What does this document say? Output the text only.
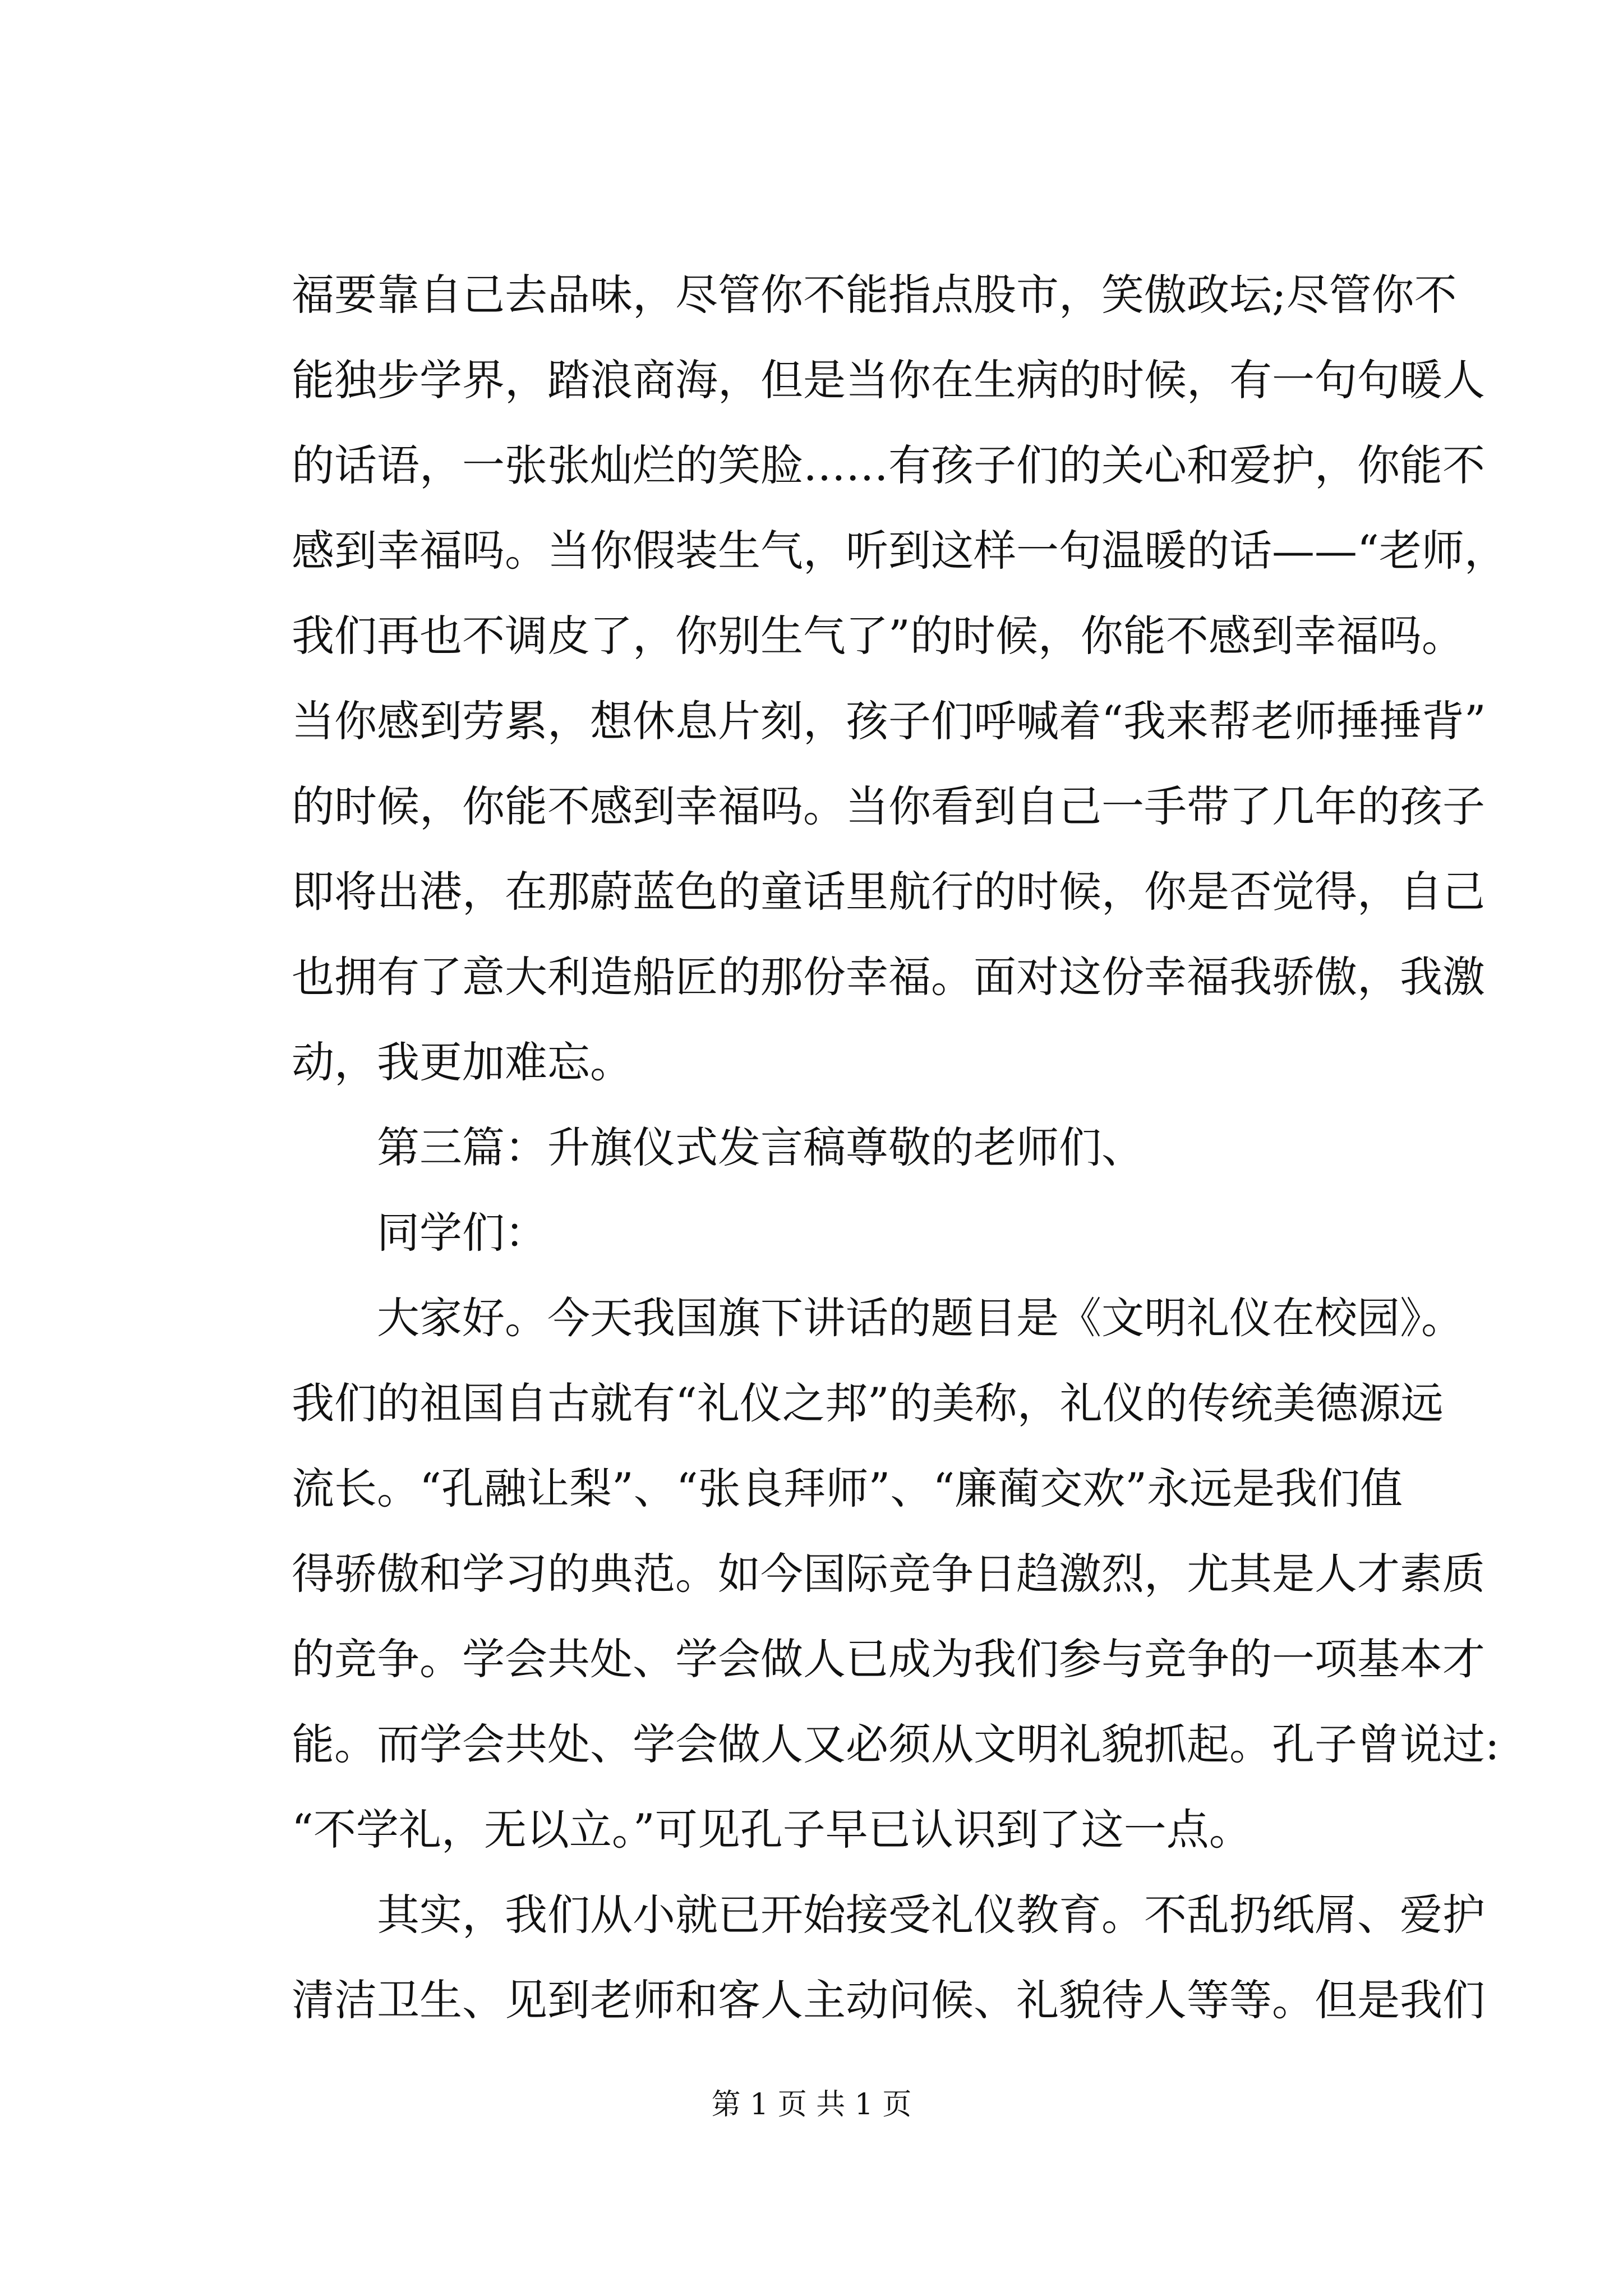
福要靠自己去品味，尽管你不能指点股市，笑傲政坛;尽管你不
能独步学界，踏浪商海，但是当你在生病的时候，有一句句暖人
的话语，一张张灿烂的笑脸……有孩子们的关心和爱护，你能不
感到幸福吗。当你假装生气，听到这样一句温暖的话——“老师，
我们再也不调皮了，你别生气了”的时候，你能不感到幸福吗。
当你感到劳累，想休息片刻，孩子们呼喊着“我来帮老师捶捶背”
的时候，你能不感到幸福吗。当你看到自己一手带了几年的孩子
即将出港，在那蔚蓝色的童话里航行的时候，你是否觉得，自己
也拥有了意大利造船匠的那份幸福。面对这份幸福我骄傲，我激
动，我更加难忘。
第三篇：升旗仪式发言稿尊敬的老师们、
同学们：
大家好。今天我国旗下讲话的题目是《文明礼仪在校园》。
我们的祖国自古就有“礼仪之邦”的美称，礼仪的传统美德源远
流长。“孔融让梨”、“张良拜师”、“廉蔺交欢”永远是我们值
得骄傲和学习的典范。如今国际竞争日趋激烈，尤其是人才素质
的竞争。学会共处、学会做人已成为我们参与竞争的一项基本才
能。而学会共处、学会做人又必须从文明礼貌抓起。孔子曾说过:
“不学礼，无以立。”可见孔子早已认识到了这一点。
其实，我们从小就已开始接受礼仪教育。不乱扔纸屑、爱护
清洁卫生、见到老师和客人主动问候、礼貌待人等等。但是我们
第 1 页 共 1 页
